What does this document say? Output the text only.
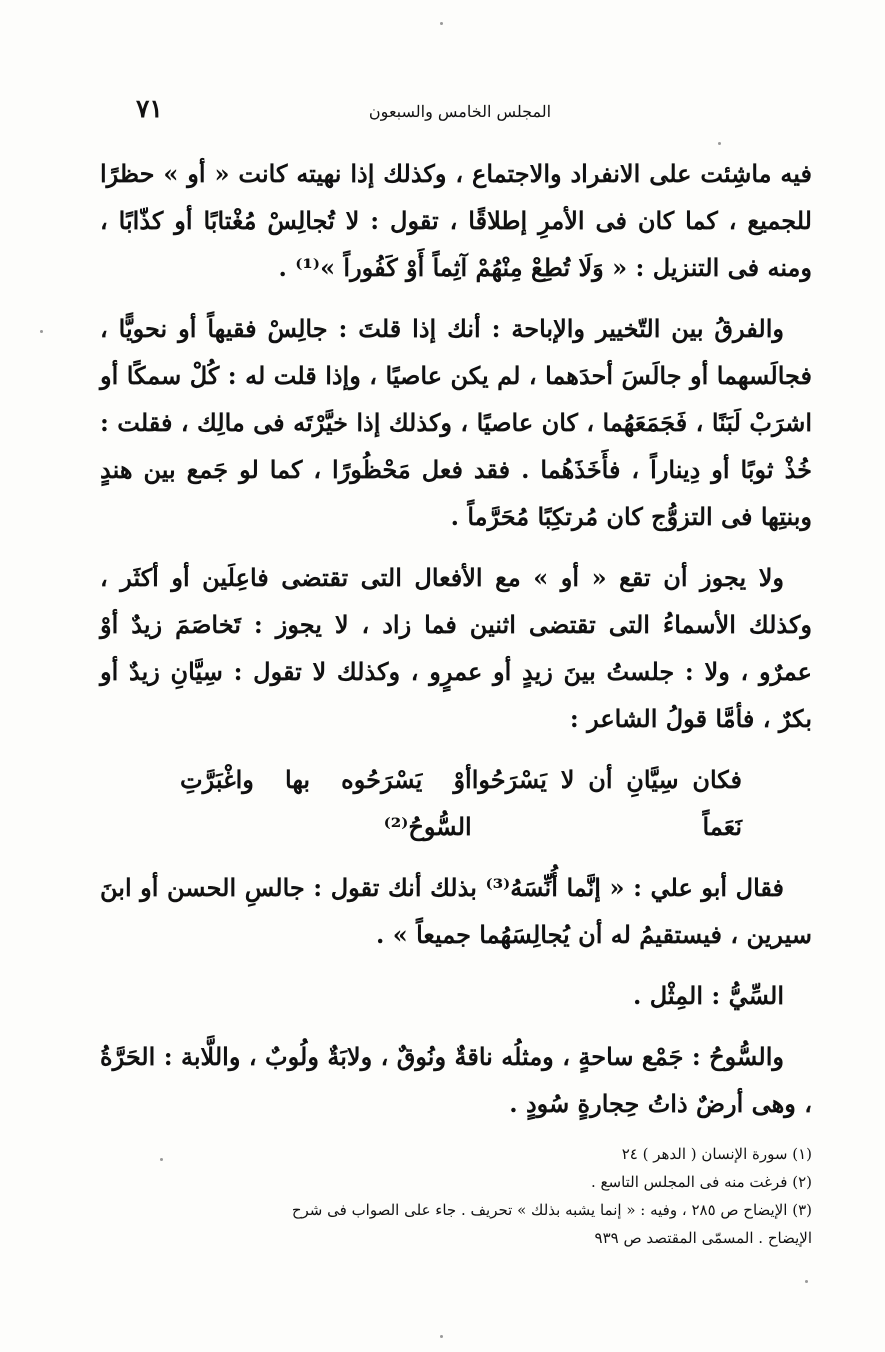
٧١	المجلس الخامس والسبعون

فيه ماشِئت على الانفراد والاجتماع ، وكذلك إذا نهيته كانت « أو » حظرًا للجميع ، كما كان فى الأمرِ إطلاقًا ، تقول : لا تُجالِسْ مُغْتابًا أو كذّابًا ، ومنه فى التنزيل : « وَلَا تُطِعْ مِنْهُمْ آثِماً أَوْ كَفُوراً »⁽¹⁾ .

والفرقُ بين التّخيير والإباحة : أنك إذا قلتَ : جالِسْ فقيهاً أو نحويًّا ، فجالَسهما أو جالَسَ أحدَهما ، لم يكن عاصيًا ، وإذا قلت له : كُلْ سمكًا أو اشرَبْ لَبَنًا ، فَجَمَعَهُما ، كان عاصيًا ، وكذلك إذا خيَّرْتَه فى مالِك ، فقلت : خُذْ ثوبًا أو دِيناراً ، فأَخَذَهُما . فقد فعل مَحْظُورًا ، كما لو جَمع بين هندٍ وبنتِها فى التزوُّج كان مُرتكِبًا مُحَرَّماً .

ولا يجوز أن تقع « أو » مع الأفعال التى تقتضى فاعِلَين أو أكثَر ، وكذلك الأسماءُ التى تقتضى اثنين فما زاد ، لا يجوز : تَخاصَمَ زيدٌ أوْ عمرٌو ، ولا : جلستُ بينَ زيدٍ أو عمرٍو ، وكذلك لا تقول : سِيَّانِ زيدٌ أو بكرٌ ، فأمَّا قولُ الشاعر :

فكان سِيَّانِ أن لا يَسْرَحُوا نَعَماً
أوْ يَسْرَحُوه بها واغْبَرَّتِ السُّوحُ⁽²⁾

فقال أبو علي : « إنَّما أُنِّسَهُ⁽³⁾ بذلك أنك تقول : جالسِ الحسن أو ابنَ سيرين ، فيستقيمُ له أن يُجالِسَهُما جميعاً » .

السِّيُّ : المِثْل .

والسُّوحُ : جَمْع ساحةٍ ، ومثلُه ناقةٌ ونُوقٌ ، ولابَةٌ ولُوبٌ ، واللَّابة : الحَرَّةُ ، وهى أرضٌ ذاتُ حِجارةٍ سُودٍ .

(١) سورة الإنسان ( الدهر ) ٢٤

(٢) فرغت منه فى المجلس التاسع .

(٣) الإيضاح ص ٢٨٥ ، وفيه : « إنما يشبه بذلك » تحريف . جاء على الصواب فى شرح

الإيضاح . المسمّى المقتصد ص ٩٣٩
